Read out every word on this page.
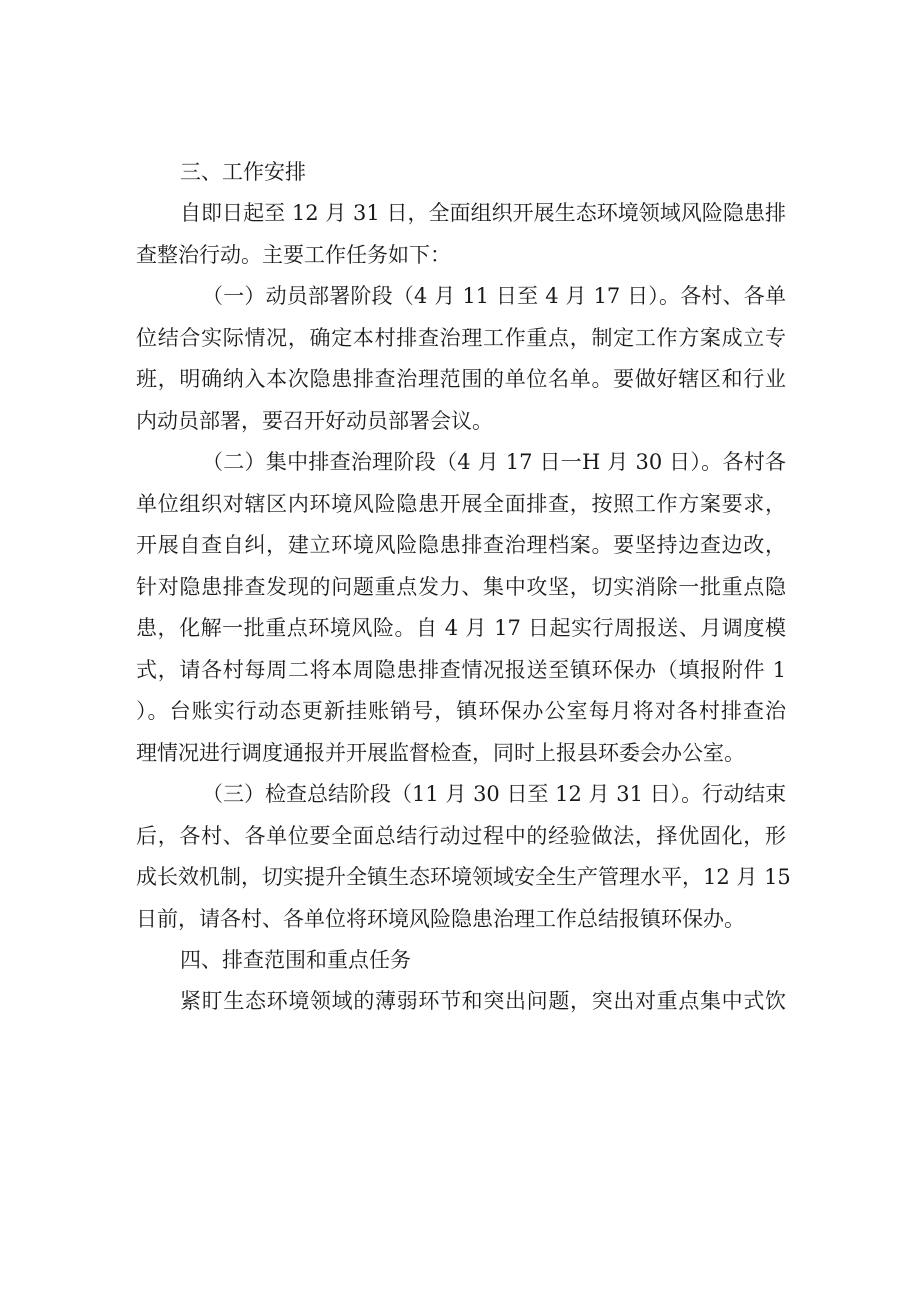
三、工作安排

自即日起至 12 月 31 日，全面组织开展生态环境领域风险隐患排
查整治行动。主要工作任务如下：
（一）动员部署阶段（4 月 11 日至 4 月 17 日）。各村、各单
位结合实际情况，确定本村排查治理工作重点，制定工作方案成立专
班，明确纳入本次隐患排查治理范围的单位名单。要做好辖区和行业
内动员部署，要召开好动员部署会议。
（二）集中排查治理阶段（4 月 17 日一H 月 30 日）。各村各
单位组织对辖区内环境风险隐患开展全面排查，按照工作方案要求，
开展自查自纠，建立环境风险隐患排查治理档案。要坚持边查边改，
针对隐患排查发现的问题重点发力、集中攻坚，切实消除一批重点隐
患，化解一批重点环境风险。自 4 月 17 日起实行周报送、月调度模
式，请各村每周二将本周隐患排查情况报送至镇环保办（填报附件 1
）。台账实行动态更新挂账销号，镇环保办公室每月将对各村排查治
理情况进行调度通报并开展监督检查，同时上报县环委会办公室。
（三）检查总结阶段（11 月 30 日至 12 月 31 日）。行动结束
后，各村、各单位要全面总结行动过程中的经验做法，择优固化，形
成长效机制，切实提升全镇生态环境领域安全生产管理水平，12 月 15
日前，请各村、各单位将环境风险隐患治理工作总结报镇环保办。

四、排查范围和重点任务

紧盯生态环境领域的薄弱环节和突出问题，突出对重点集中式饮
